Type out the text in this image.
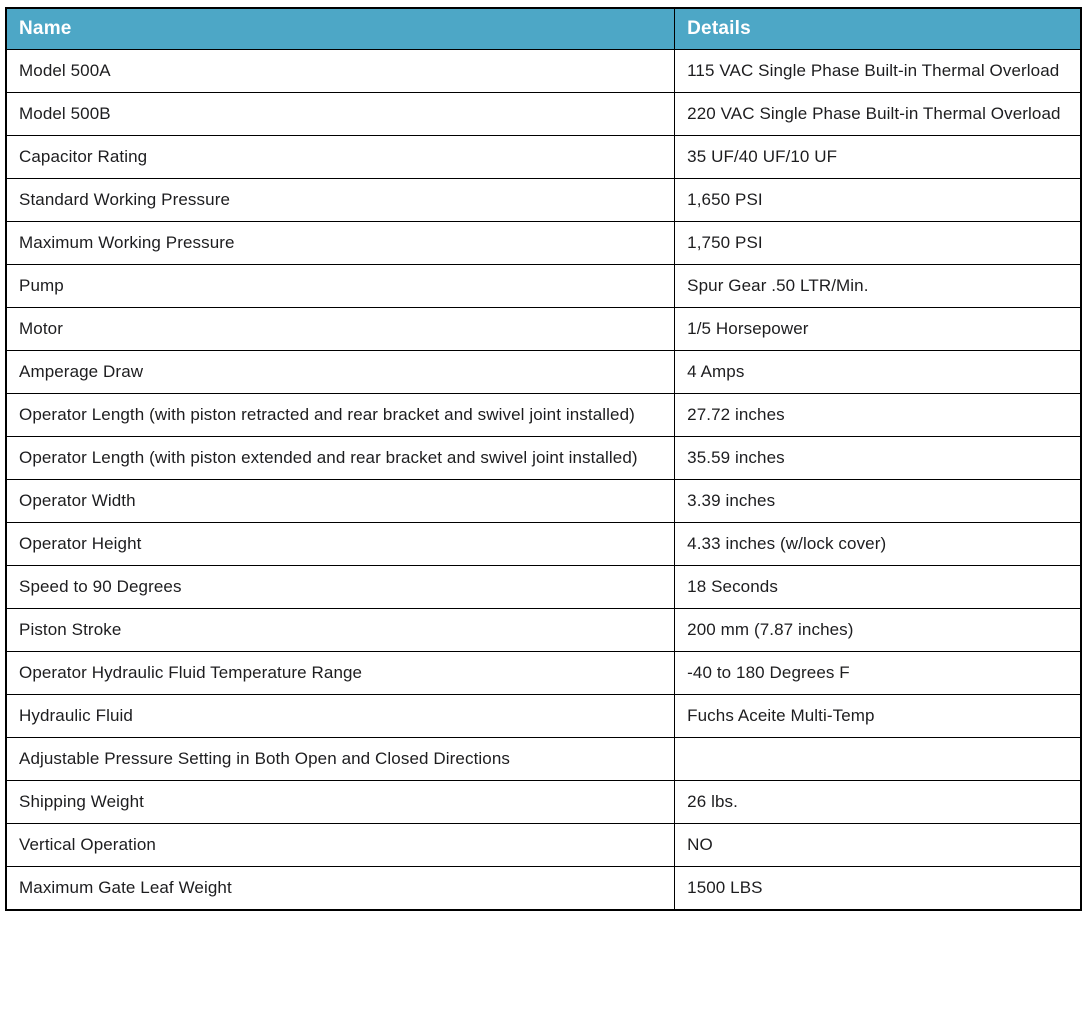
Name	Details
Model 500A	115 VAC Single Phase Built-in Thermal Overload
Model 500B	220 VAC Single Phase Built-in Thermal Overload
Capacitor Rating	35 UF/40 UF/10 UF
Standard Working Pressure	1,650 PSI
Maximum Working Pressure	1,750 PSI
Pump	Spur Gear .50 LTR/Min.
Motor	1/5 Horsepower
Amperage Draw	4 Amps
Operator Length (with piston retracted and rear bracket and swivel joint installed)	27.72 inches
Operator Length (with piston extended and rear bracket and swivel joint installed)	35.59 inches
Operator Width	3.39 inches
Operator Height	4.33 inches (w/lock cover)
Speed to 90 Degrees	18 Seconds
Piston Stroke	200 mm (7.87 inches)
Operator Hydraulic Fluid Temperature Range	-40 to 180 Degrees F
Hydraulic Fluid	Fuchs Aceite Multi-Temp
Adjustable Pressure Setting in Both Open and Closed Directions	
Shipping Weight	26 lbs.
Vertical Operation	NO
Maximum Gate Leaf Weight	1500 LBS
